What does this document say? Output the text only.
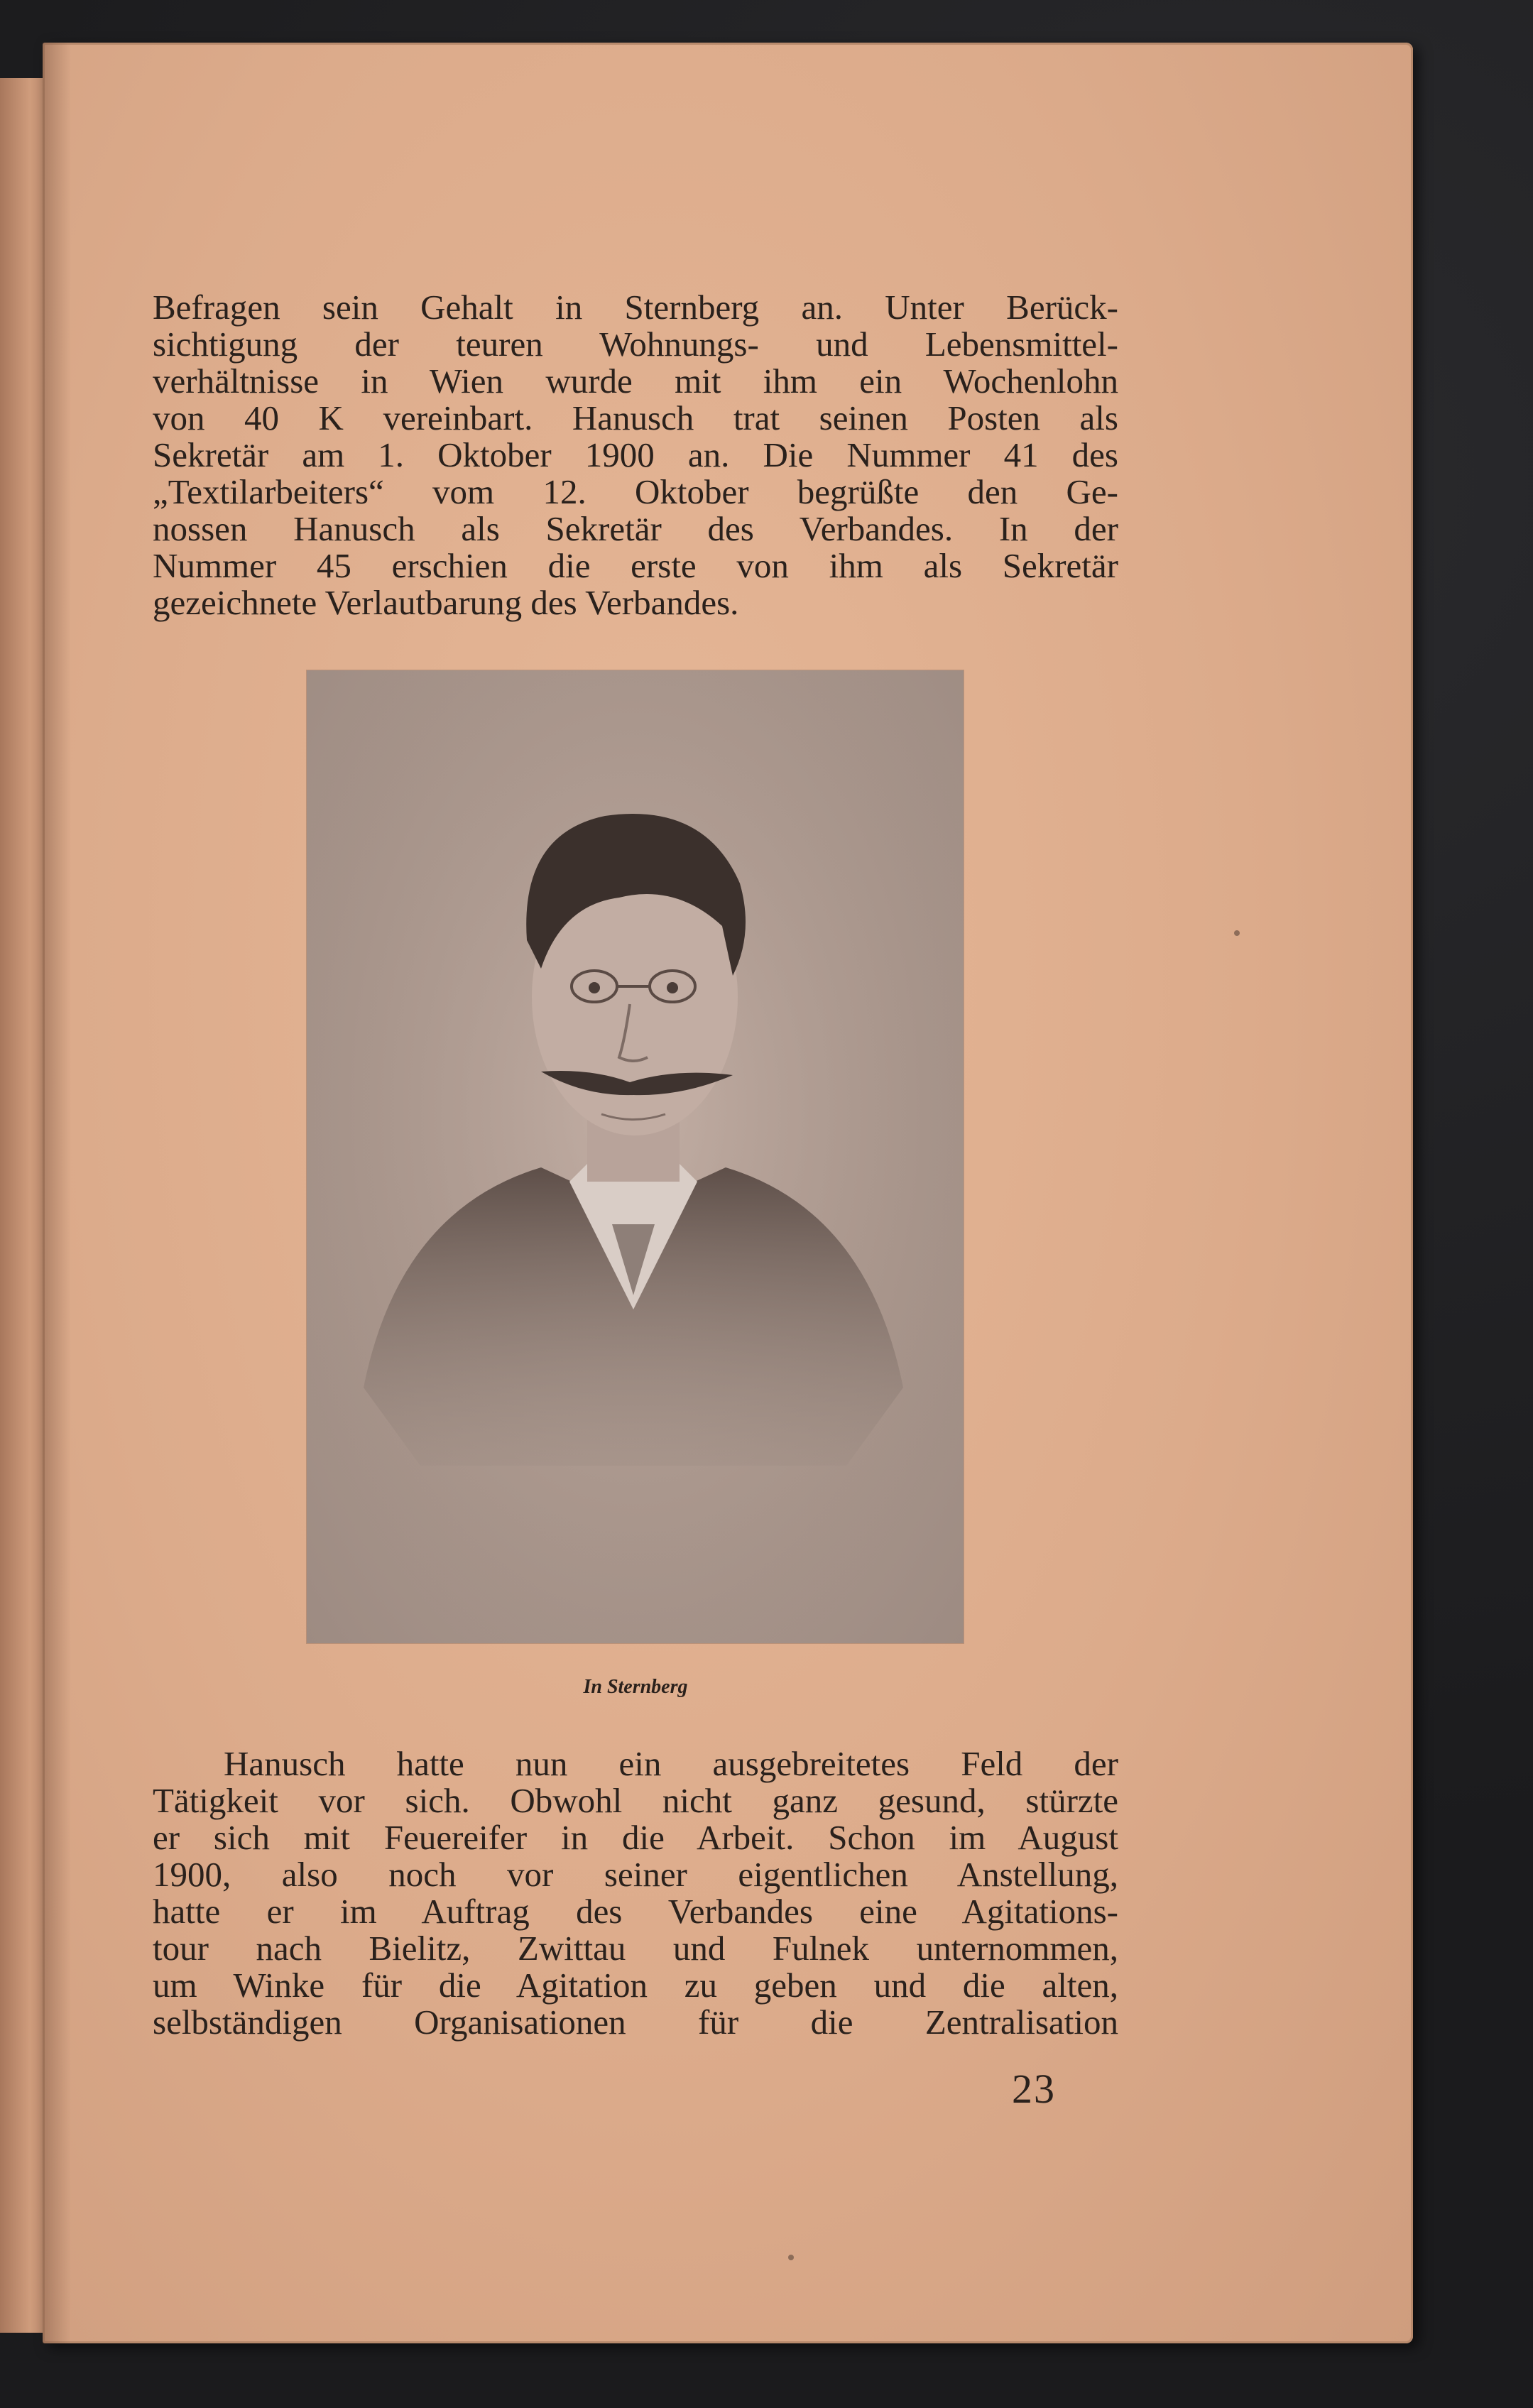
Befragen sein Gehalt in Sternberg an. Unter Berück-
sichtigung der teuren Wohnungs- und Lebensmittel-
verhältnisse in Wien wurde mit ihm ein Wochenlohn
von 40 K vereinbart. Hanusch trat seinen Posten als
Sekretär am 1. Oktober 1900 an. Die Nummer 41 des
„Textilarbeiters“ vom 12. Oktober begrüßte den Ge-
nossen Hanusch als Sekretär des Verbandes. In der
Nummer 45 erschien die erste von ihm als Sekretär
gezeichnete Verlautbarung des Verbandes.
In Sternberg
Hanusch hatte nun ein ausgebreitetes Feld der
Tätigkeit vor sich. Obwohl nicht ganz gesund, stürzte
er sich mit Feuereifer in die Arbeit. Schon im August
1900, also noch vor seiner eigentlichen Anstellung,
hatte er im Auftrag des Verbandes eine Agitations-
tour nach Bielitz, Zwittau und Fulnek unternommen,
um Winke für die Agitation zu geben und die alten,
selbständigen Organisationen für die Zentralisation
23
